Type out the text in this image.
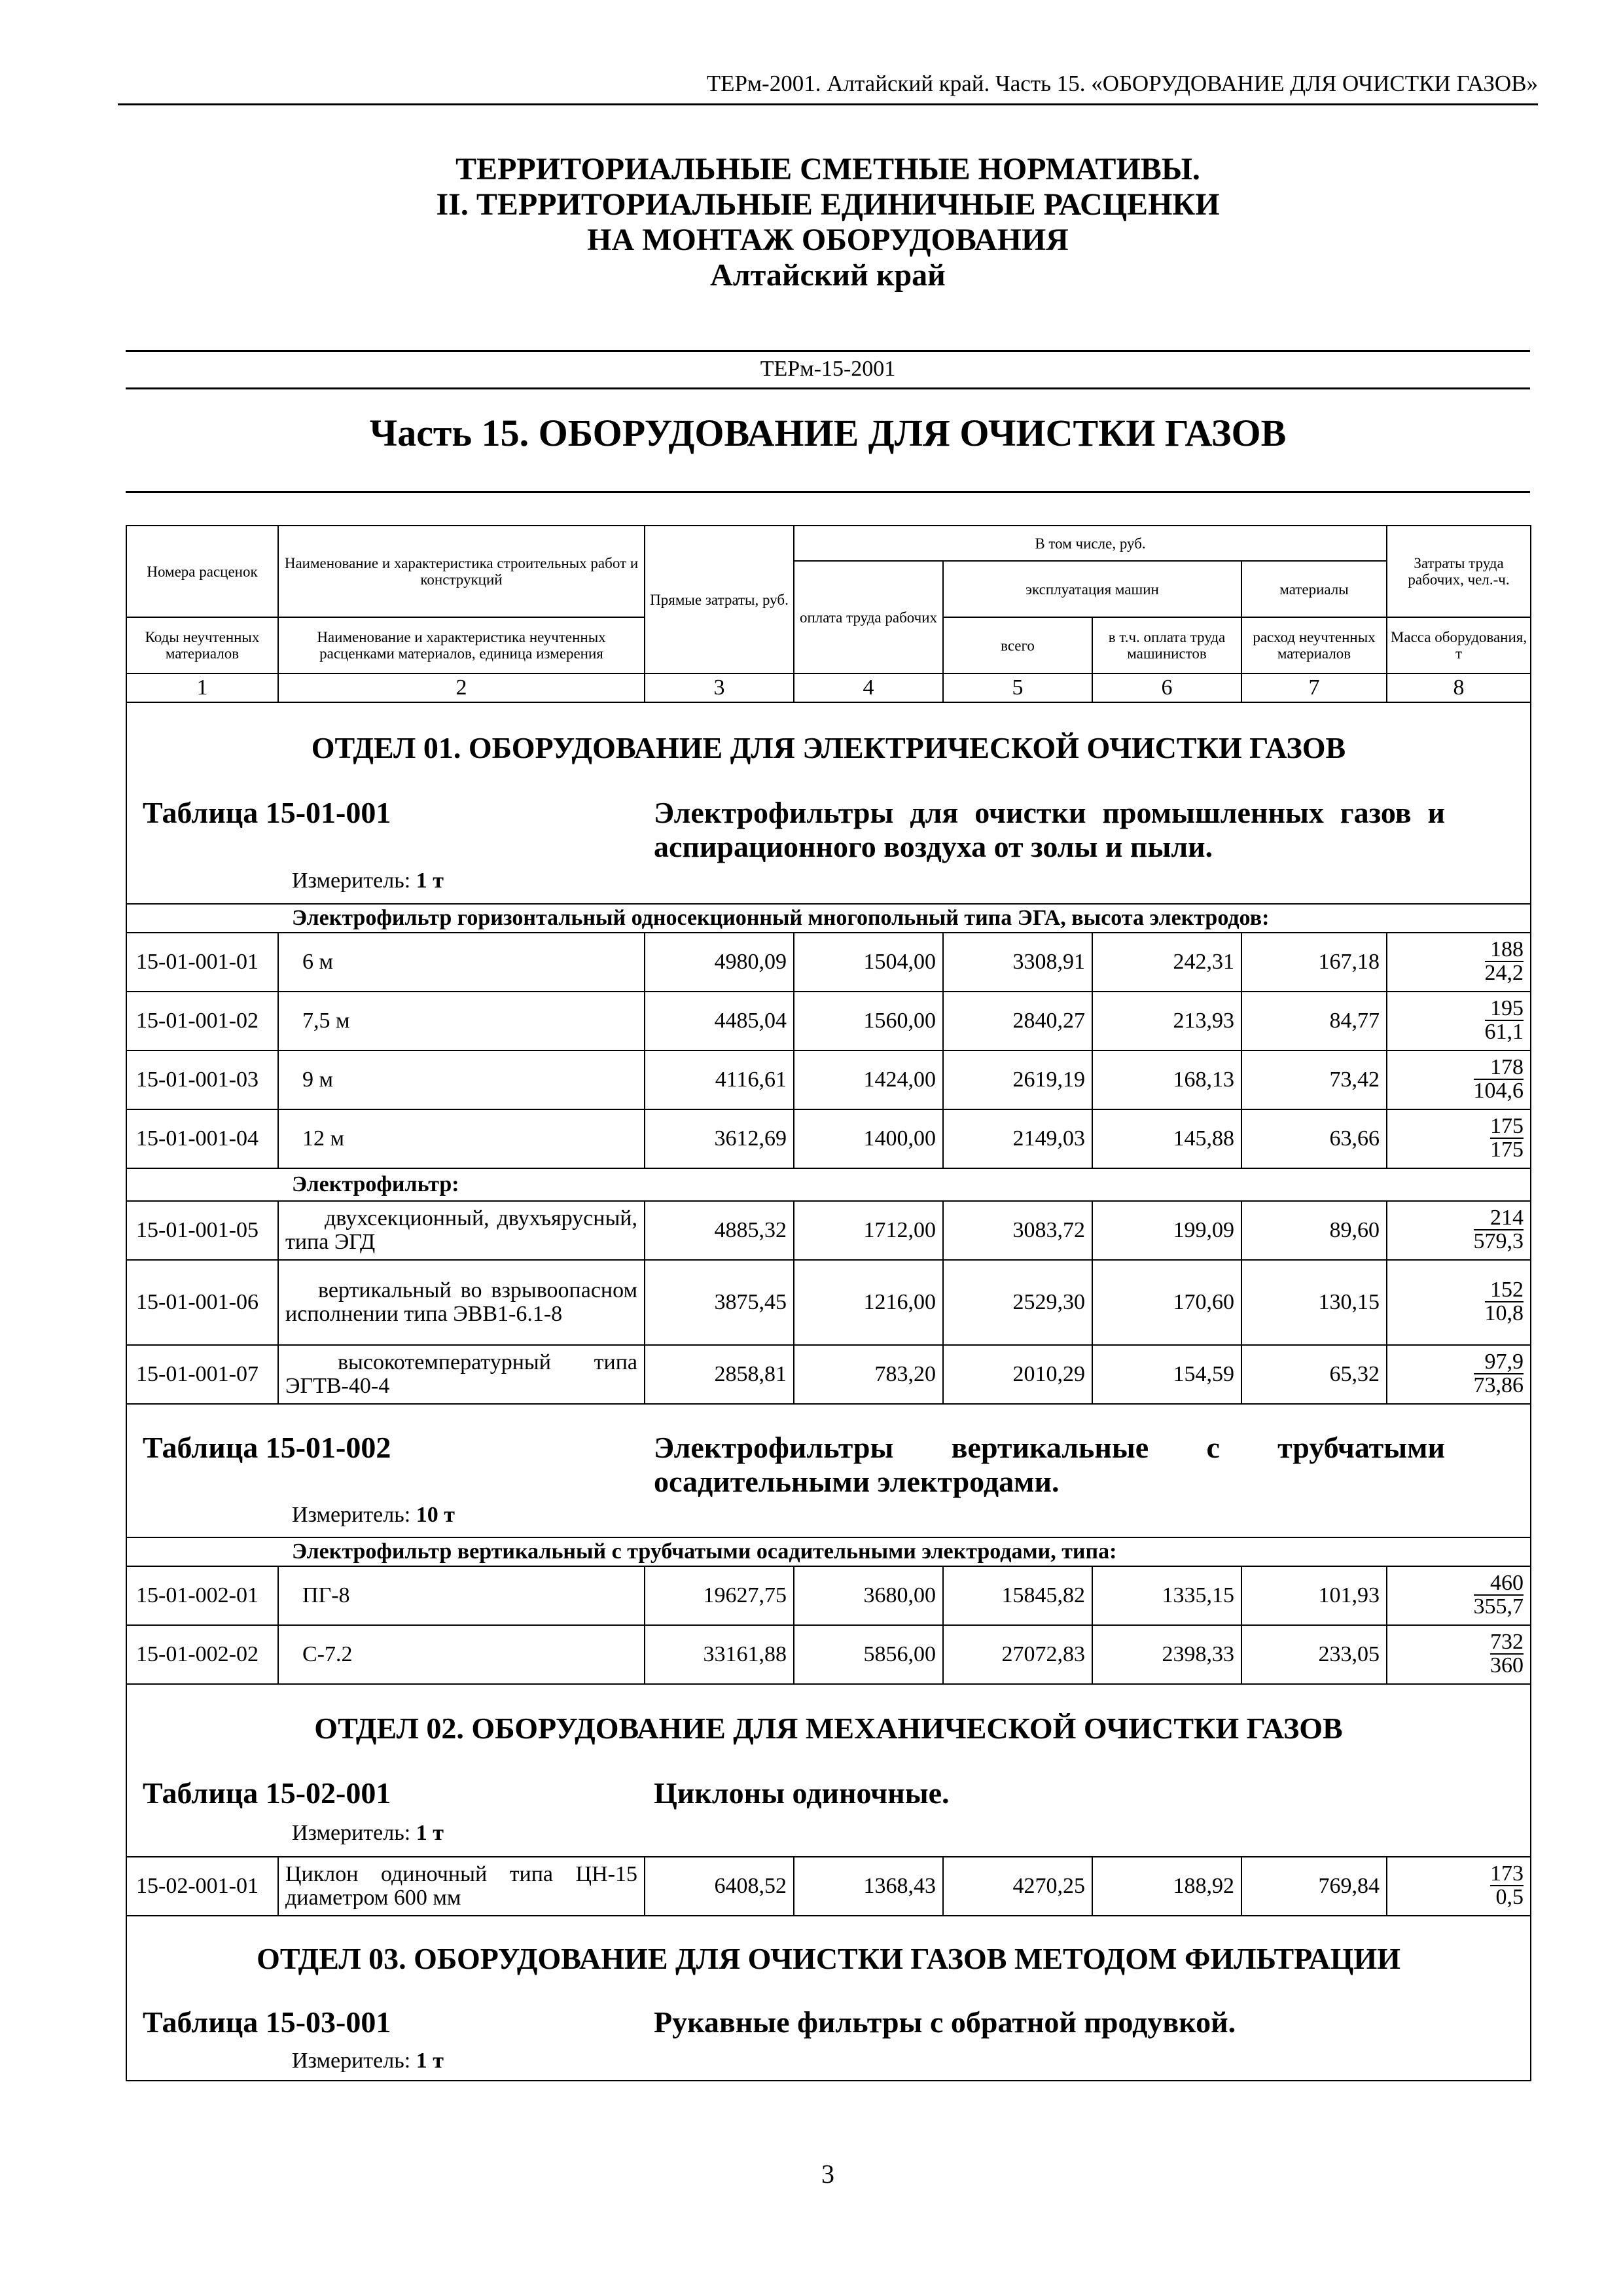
ТЕРм-2001. Алтайский край. Часть 15. «ОБОРУДОВАНИЕ ДЛЯ ОЧИСТКИ ГАЗОВ»
ТЕРРИТОРИАЛЬНЫЕ СМЕТНЫЕ НОРМАТИВЫ.
II. ТЕРРИТОРИАЛЬНЫЕ ЕДИНИЧНЫЕ РАСЦЕНКИ
НА МОНТАЖ ОБОРУДОВАНИЯ
Алтайский край
ТЕРм-15-2001
Часть 15. ОБОРУДОВАНИЕ ДЛЯ ОЧИСТКИ ГАЗОВ
Номера расценок	Наименование и характеристика строительных работ и конструкций	Прямые затраты, руб.	В том числе, руб.				Затраты труда рабочих, чел.-ч.
			оплата труда рабочих	эксплуатация машин		материалы	
Коды неучтенных материалов	Наименование и характеристика неучтенных расценками материалов, единица измерения			всего	в т.ч. оплата труда машинистов	расход неучтенных материалов	Масса оборудования, т
1	2	3	4	5	6	7	8

ОТДЕЛ 01. ОБОРУДОВАНИЕ ДЛЯ ЭЛЕКТРИЧЕСКОЙ ОЧИСТКИ ГАЗОВ
Таблица 15-01-001 Электрофильтры для очистки промышленных газов и аспирационного воздуха от золы и пыли.
Измеритель: 1 т							

Электрофильтр горизонтальный односекционный многопольный типа ЭГА, высота электродов:							
15-01-001-01	6 м	4980,09	1504,00	3308,91	242,31	167,18	$\frac{188}{24,2}$

15-01-001-02	7,5 м	4485,04	1560,00	2840,27	213,93	84,77	$\frac{195}{61,1}$

15-01-001-03	9 м	4116,61	1424,00	2619,19	168,13	73,42	$\frac{178}{104,6}$

15-01-001-04	12 м	3612,69	1400,00	2149,03	145,88	63,66	$\frac{175}{175}$

Электрофильтр:							
15-01-001-05	двухсекционный, двухъярусный, типа ЭГД	4885,32	1712,00	3083,72	199,09	89,60	$\frac{214}{579,3}$

15-01-001-06	вертикальный во взрывоопасном исполнении типа ЭВВ1-6.1-8	3875,45	1216,00	2529,30	170,60	130,15	$\frac{152}{10,8}$

15-01-001-07	высокотемпературный типа ЭГТВ-40-4	2858,81	783,20	2010,29	154,59	65,32	$\frac{97,9}{73,86}$

Таблица 15-01-002 Электрофильтры вертикальные с трубчатыми осадительными электродами.
Измеритель: 10 т							

Электрофильтр вертикальный с трубчатыми осадительными электродами, типа:							
15-01-002-01	ПГ-8	19627,75	3680,00	15845,82	1335,15	101,93	$\frac{460}{355,7}$

15-01-002-02	С-7.2	33161,88	5856,00	27072,83	2398,33	233,05	$\frac{732}{360}$

ОТДЕЛ 02. ОБОРУДОВАНИЕ ДЛЯ МЕХАНИЧЕСКОЙ ОЧИСТКИ ГАЗОВ
Таблица 15-02-001 Циклоны одиночные.
Измеритель: 1 т							

15-02-001-01	Циклон одиночный типа ЦН-15 диаметром 600 мм	6408,52	1368,43	4270,25	188,92	769,84	$\frac{173}{0,5}$

ОТДЕЛ 03. ОБОРУДОВАНИЕ ДЛЯ ОЧИСТКИ ГАЗОВ МЕТОДОМ ФИЛЬТРАЦИИ
Таблица 15-03-001 Рукавные фильтры с обратной продувкой.
Измеритель: 1 т							
3
